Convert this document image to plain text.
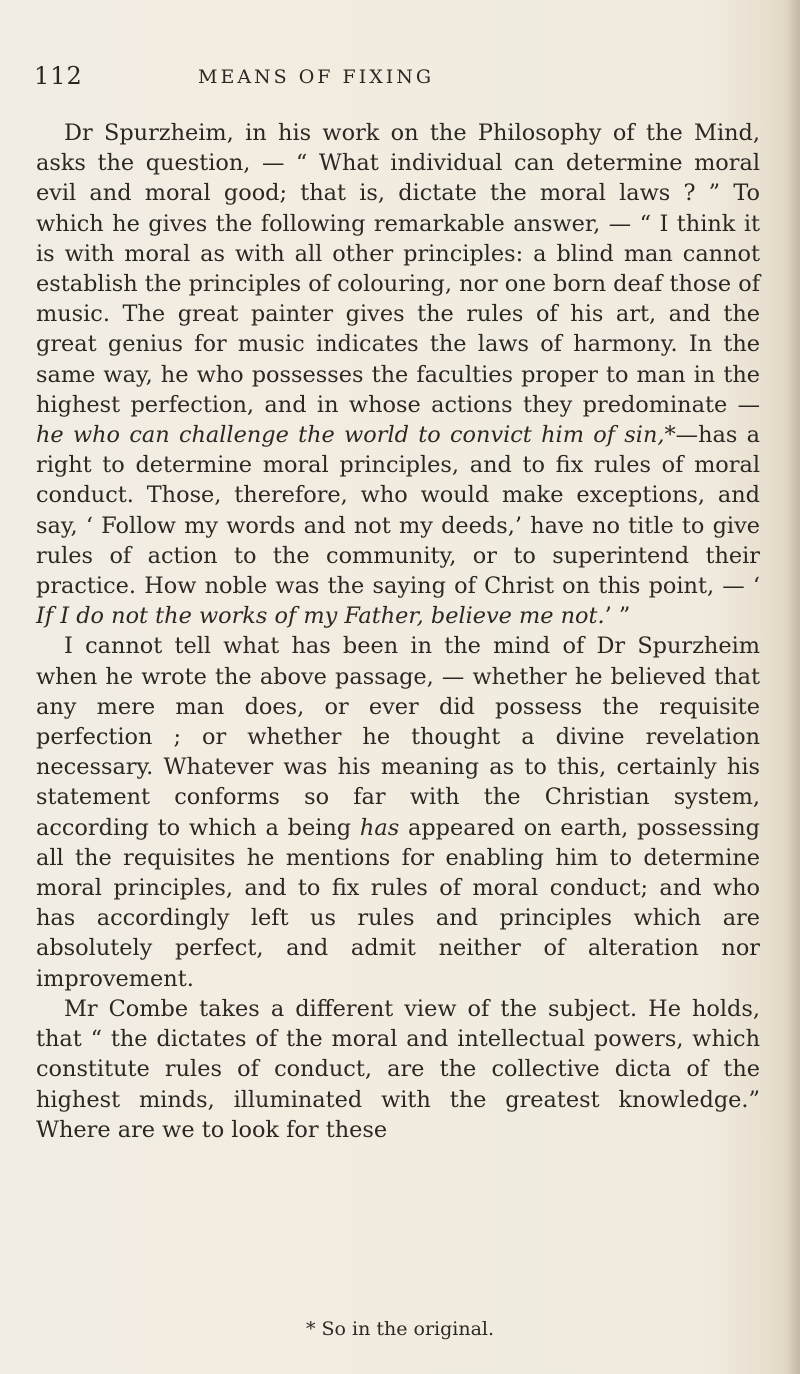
112	MEANS OF FIXING

Dr Spurzheim, in his work on the Philosophy of the Mind, asks the question, — “ What individual can determine moral evil and moral good; that is, dictate the moral laws ? ” To which he gives the following remarkable answer, — “ I think it is with moral as with all other principles: a blind man cannot establish the principles of colouring, nor one born deaf those of music. The great painter gives the rules of his art, and the great genius for music indicates the laws of harmony. In the same way, he who possesses the faculties proper to man in the highest perfection, and in whose actions they predominate — he who can challenge the world to convict him of sin,*—has a right to determine moral principles, and to fix rules of moral conduct. Those, therefore, who would make exceptions, and say, ‘ Follow my words and not my deeds,’ have no title to give rules of action to the community, or to superintend their practice. How noble was the saying of Christ on this point, — ‘ If I do not the works of my Father, believe me not.’ ”

I cannot tell what has been in the mind of Dr Spurzheim when he wrote the above passage, — whether he believed that any mere man does, or ever did possess the requisite perfection ; or whether he thought a divine revelation necessary. Whatever was his meaning as to this, certainly his statement conforms so far with the Christian system, according to which a being has appeared on earth, possessing all the requisites he mentions for enabling him to determine moral principles, and to fix rules of moral conduct; and who has accordingly left us rules and principles which are absolutely perfect, and admit neither of alteration nor improvement.

Mr Combe takes a different view of the subject. He holds, that “ the dictates of the moral and intellectual powers, which constitute rules of conduct, are the collective dicta of the highest minds, illuminated with the greatest knowledge.” Where are we to look for these

* So in the original.
